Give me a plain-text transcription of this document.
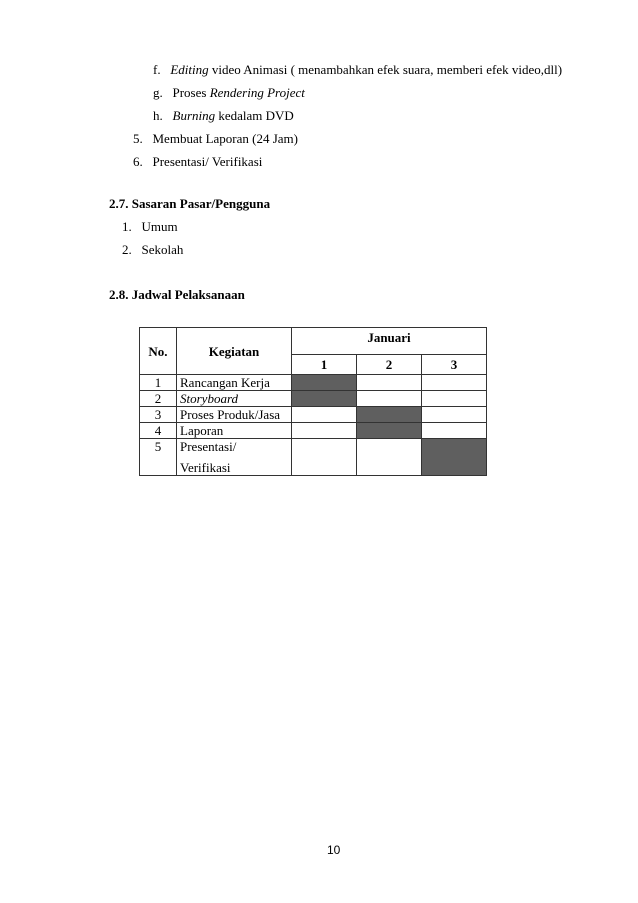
f. Editing video Animasi ( menambahkan efek suara, memberi efek video,dll)
g. Proses Rendering Project
h. Burning kedalam DVD
5. Membuat Laporan (24 Jam)
6. Presentasi/ Verifikasi
2.7. Sasaran Pasar/Pengguna
1. Umum
2. Sekolah
2.8. Jadwal Pelaksanaan
No.	Kegiatan	Januari		
		1	2	3
1	Rancangan Kerja			
2	Storyboard			
3	Proses Produk/Jasa			
4	Laporan			
5	Presentasi/
Verifikasi			

10
